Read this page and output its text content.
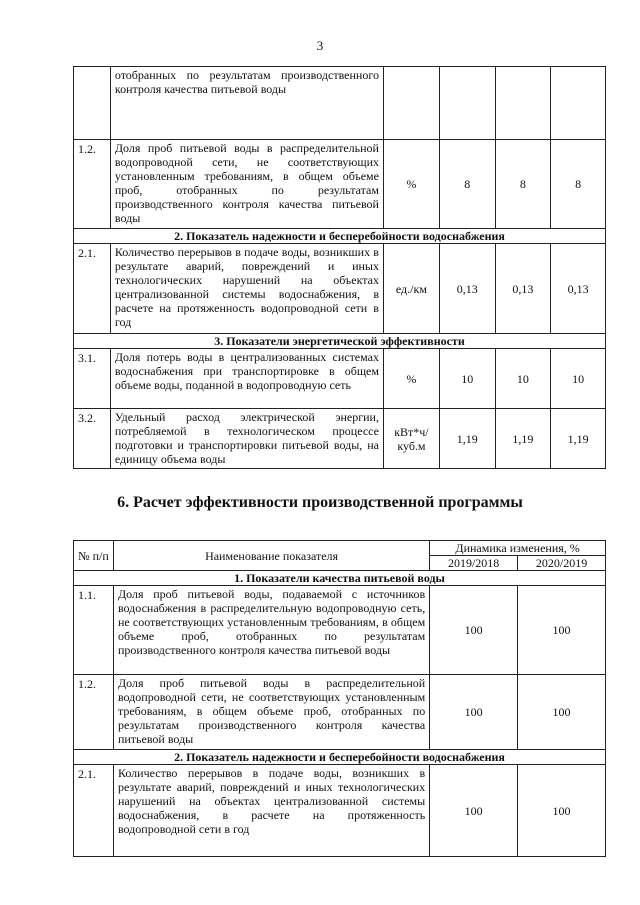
3
	отобранных по результатам производственного контроля качества питьевой воды				
1.2.	Доля проб питьевой воды в распределительной водопроводной сети, не соответствующих установленным требованиям, в общем объеме проб, отобранных по результатам производственного контроля качества питьевой воды	%	8	8	8
2. Показатель надежности и бесперебойности водоснабжения					
2.1.	Количество перерывов в подаче воды, возникших в результате аварий, повреждений и иных технологических нарушений на объектах централизованной системы водоснабжения, в расчете на протяженность водопроводной сети в год	ед./км	0,13	0,13	0,13
3. Показатели энергетической эффективности					
3.1.	Доля потерь воды в централизованных системах водоснабжения при транспортировке в общем объеме воды, поданной в водопроводную сеть	%	10	10	10
3.2.	Удельный расход электрической энергии, потребляемой в технологическом процессе подготовки и транспортировки питьевой воды, на единицу объема воды	кВт*ч/ куб.м	1,19	1,19	1,19
6. Расчет эффективности производственной программы
№ п/п	Наименование показателя	Динамика изменения, %	
		2019/2018	2020/2019
1. Показатели качества питьевой воды			
1.1.	Доля проб питьевой воды, подаваемой с источников водоснабжения в распределительную водопроводную сеть, не соответствующих установленным требованиям, в общем объеме проб, отобранных по результатам производственного контроля качества питьевой воды	100	100
1.2.	Доля проб питьевой воды в распределительной водопроводной сети, не соответствующих установленным требованиям, в общем объеме проб, отобранных по результатам производственного контроля качества питьевой воды	100	100
2. Показатель надежности и бесперебойности водоснабжения			
2.1.	Количество перерывов в подаче воды, возникших в результате аварий, повреждений и иных технологических нарушений на объектах централизованной системы водоснабжения, в расчете на протяженность водопроводной сети в год	100	100
